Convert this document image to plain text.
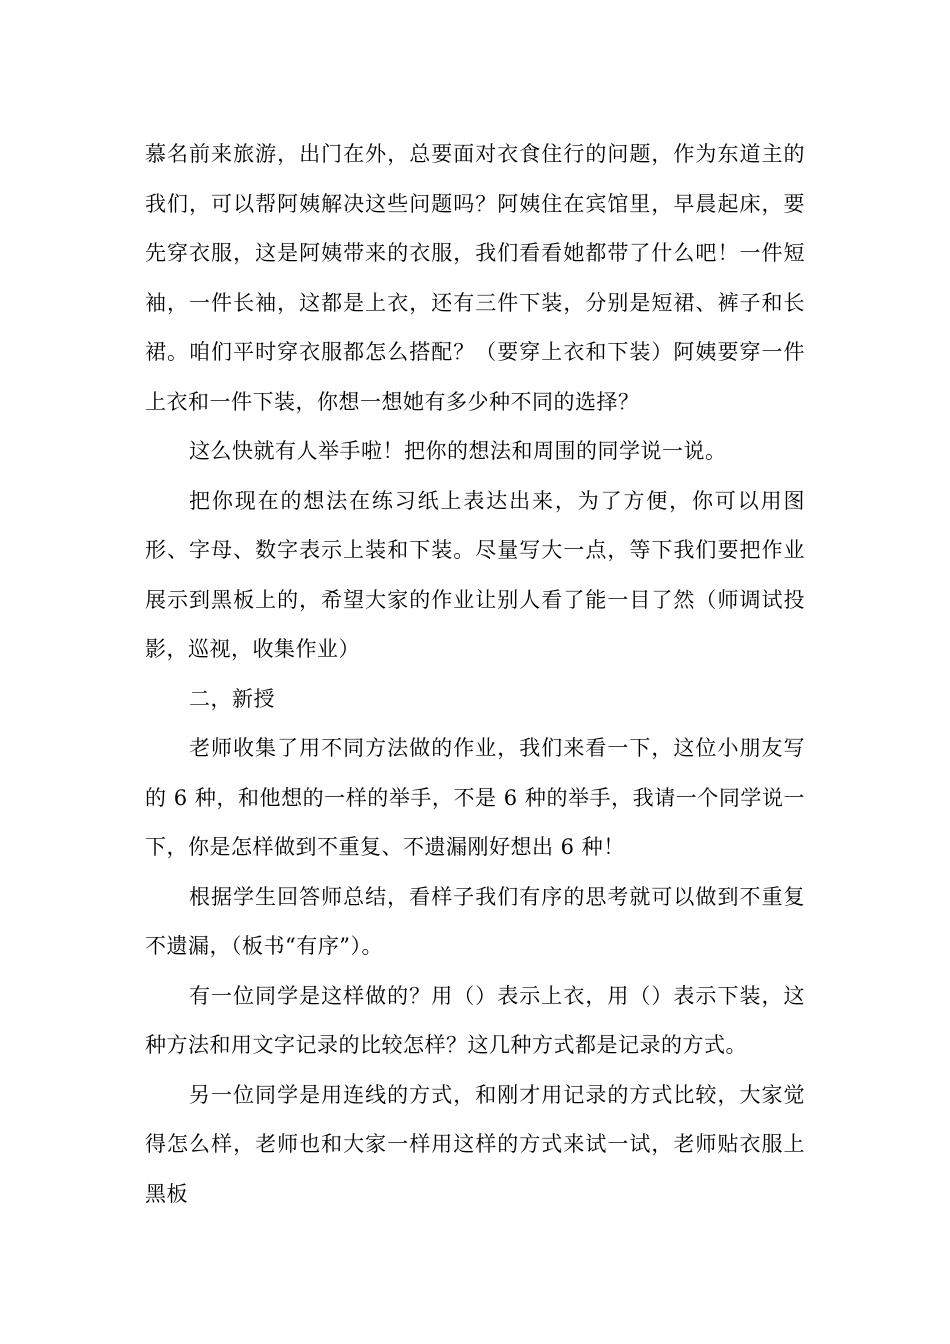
慕名前来旅游，出门在外，总要面对衣食住行的问题，作为东道主的我们，可以帮阿姨解决这些问题吗？阿姨住在宾馆里，早晨起床，要先穿衣服，这是阿姨带来的衣服，我们看看她都带了什么吧！一件短袖，一件长袖，这都是上衣，还有三件下装，分别是短裙、裤子和长裙。咱们平时穿衣服都怎么搭配？（要穿上衣和下装）阿姨要穿一件上衣和一件下装，你想一想她有多少种不同的选择？

这么快就有人举手啦！把你的想法和周围的同学说一说。

把你现在的想法在练习纸上表达出来，为了方便，你可以用图形、字母、数字表示上装和下装。尽量写大一点，等下我们要把作业展示到黑板上的，希望大家的作业让别人看了能一目了然（师调试投影，巡视，收集作业）

二，新授

老师收集了用不同方法做的作业，我们来看一下，这位小朋友写的 6 种，和他想的一样的举手，不是 6 种的举手，我请一个同学说一下，你是怎样做到不重复、不遗漏刚好想出 6 种！

根据学生回答师总结，看样子我们有序的思考就可以做到不重复不遗漏，（板书“有序”）。

有一位同学是这样做的？用（）表示上衣，用（）表示下装，这种方法和用文字记录的比较怎样？这几种方式都是记录的方式。

另一位同学是用连线的方式，和刚才用记录的方式比较，大家觉得怎么样，老师也和大家一样用这样的方式来试一试，老师贴衣服上黑板
